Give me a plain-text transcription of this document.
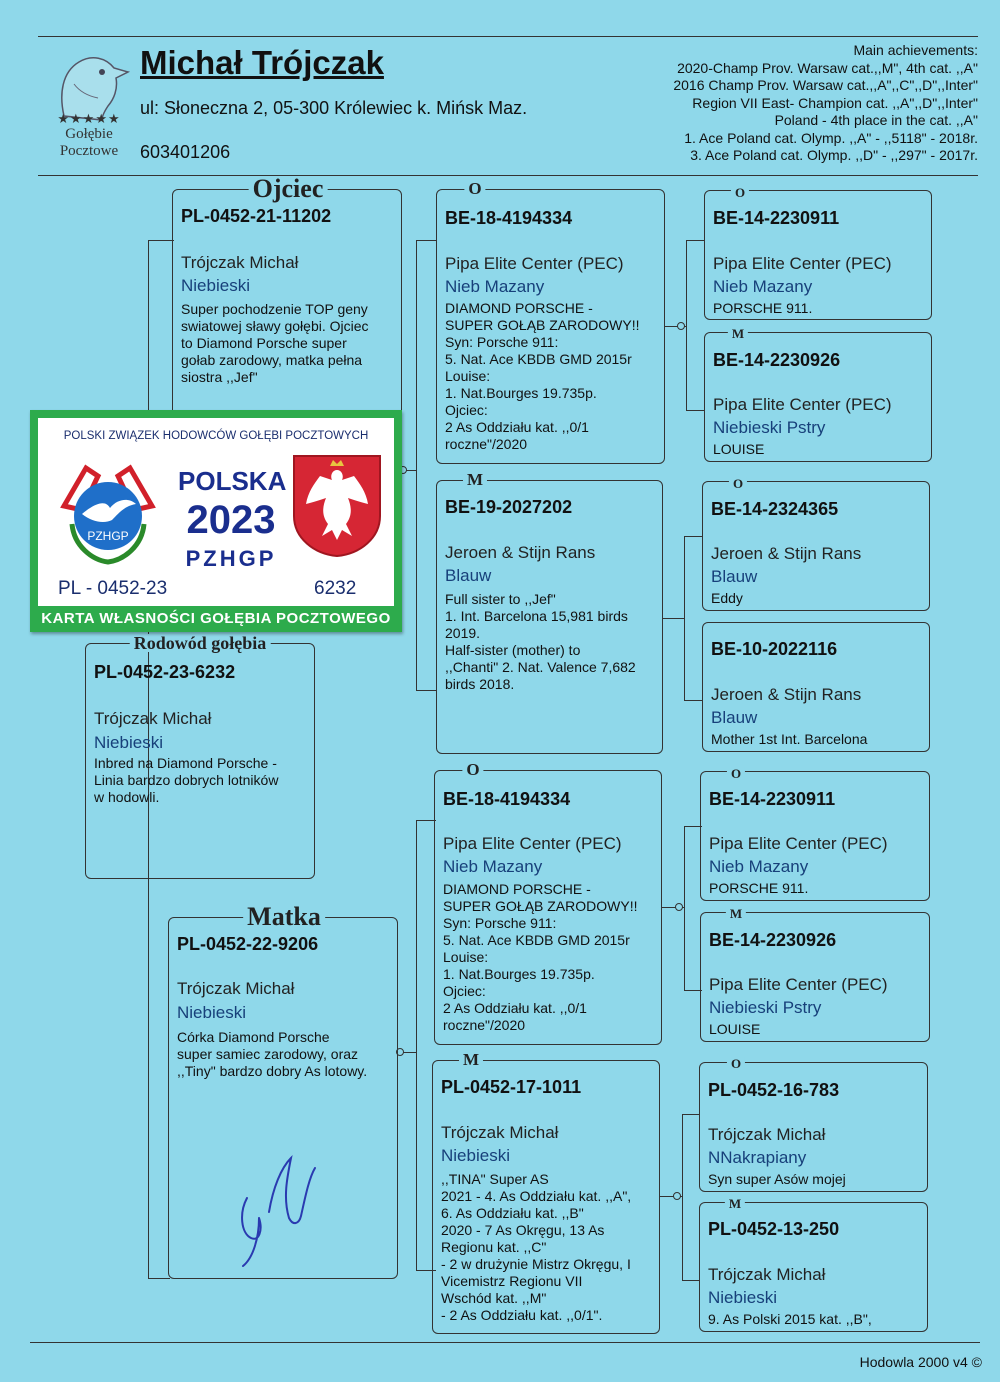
★★★★★
Gołębie
Pocztowe
Michał Trójczak
ul: Słoneczna 2, 05-300 Królewiec k. Mińsk Maz.
603401206
Main achievements:
2020-Champ Prov. Warsaw cat.,,M", 4th cat. ,,A"
2016 Champ Prov. Warsaw cat.,,A",,C",,D",,Inter"
Region VII East- Champion cat. ,,A",,D",,Inter"
Poland - 4th place in the cat. ,,A"
1. Ace Poland cat. Olymp. ,,A" - ,,5118" - 2018r.
3. Ace Poland cat. Olymp. ,,D" - ,,297" - 2017r.
PL-0452-23-6232
Trójczak Michał
Niebieski
Inbred na Diamond Porsche -
Linia bardzo dobrych lotników
w hodowli.
Rodowód gołębia
PL-0452-21-11202
Trójczak Michał
Niebieski
Super pochodzenie TOP geny
swiatowej sławy gołębi. Ojciec
to Diamond Porsche super
gołab zarodowy, matka pełna
siostra ,,Jef"
Ojciec
PL-0452-22-9206
Trójczak Michał
Niebieski
Córka Diamond Porsche
super samiec zarodowy, oraz
,,Tiny" bardzo dobry As lotowy.
Matka
BE-18-4194334
Pipa Elite Center (PEC)
Nieb Mazany
DIAMOND PORSCHE -
SUPER GOŁĄB ZARODOWY!!
Syn: Porsche 911:
5. Nat. Ace KBDB GMD 2015r
Louise:
1. Nat.Bourges 19.735p.
Ojciec:
2 As Oddziału kat. ,,0/1
roczne"/2020
O
BE-19-2027202
Jeroen & Stijn Rans
Blauw
Full sister to ,,Jef"
1. Int. Barcelona 15,981 birds
2019.
Half-sister (mother) to
,,Chanti" 2. Nat. Valence 7,682
birds 2018.
M
BE-18-4194334
Pipa Elite Center (PEC)
Nieb Mazany
DIAMOND PORSCHE -
SUPER GOŁĄB ZARODOWY!!
Syn: Porsche 911:
5. Nat. Ace KBDB GMD 2015r
Louise:
1. Nat.Bourges 19.735p.
Ojciec:
2 As Oddziału kat. ,,0/1
roczne"/2020
O
PL-0452-17-1011
Trójczak Michał
Niebieski
,,TINA" Super AS
2021 - 4. As Oddziału kat. ,,A",
6. As Oddziału kat. ,,B"
2020 - 7 As Okręgu, 13 As
Regionu kat. ,,C"
- 2 w drużynie Mistrz Okręgu, I
Vicemistrz Regionu VII
Wschód kat. ,,M"
- 2 As Oddziału kat. ,,0/1".
M
BE-14-2230911
Pipa Elite Center (PEC)
Nieb Mazany
PORSCHE 911.
O
BE-14-2230926
Pipa Elite Center (PEC)
Niebieski Pstry
LOUISE
M
BE-14-2324365
Jeroen & Stijn Rans
Blauw
Eddy
O
BE-10-2022116
Jeroen & Stijn Rans
Blauw
Mother 1st Int. Barcelona
BE-14-2230911
Pipa Elite Center (PEC)
Nieb Mazany
PORSCHE 911.
O
BE-14-2230926
Pipa Elite Center (PEC)
Niebieski Pstry
LOUISE
M
PL-0452-16-783
Trójczak Michał
NNakrapiany
Syn super Asów mojej
O
PL-0452-13-250
Trójczak Michał
Niebieski
9. As Polski 2015 kat. ,,B",
M
POLSKI ZWIĄZEK HODOWCÓW GOŁĘBI POCZTOWYCH
PZHGP
POLSKA
2023
PZHGP
PL - 0452-23	6232
KARTA WŁASNOŚCI GOŁĘBIA POCZTOWEGO
Hodowla 2000 v4 ©
